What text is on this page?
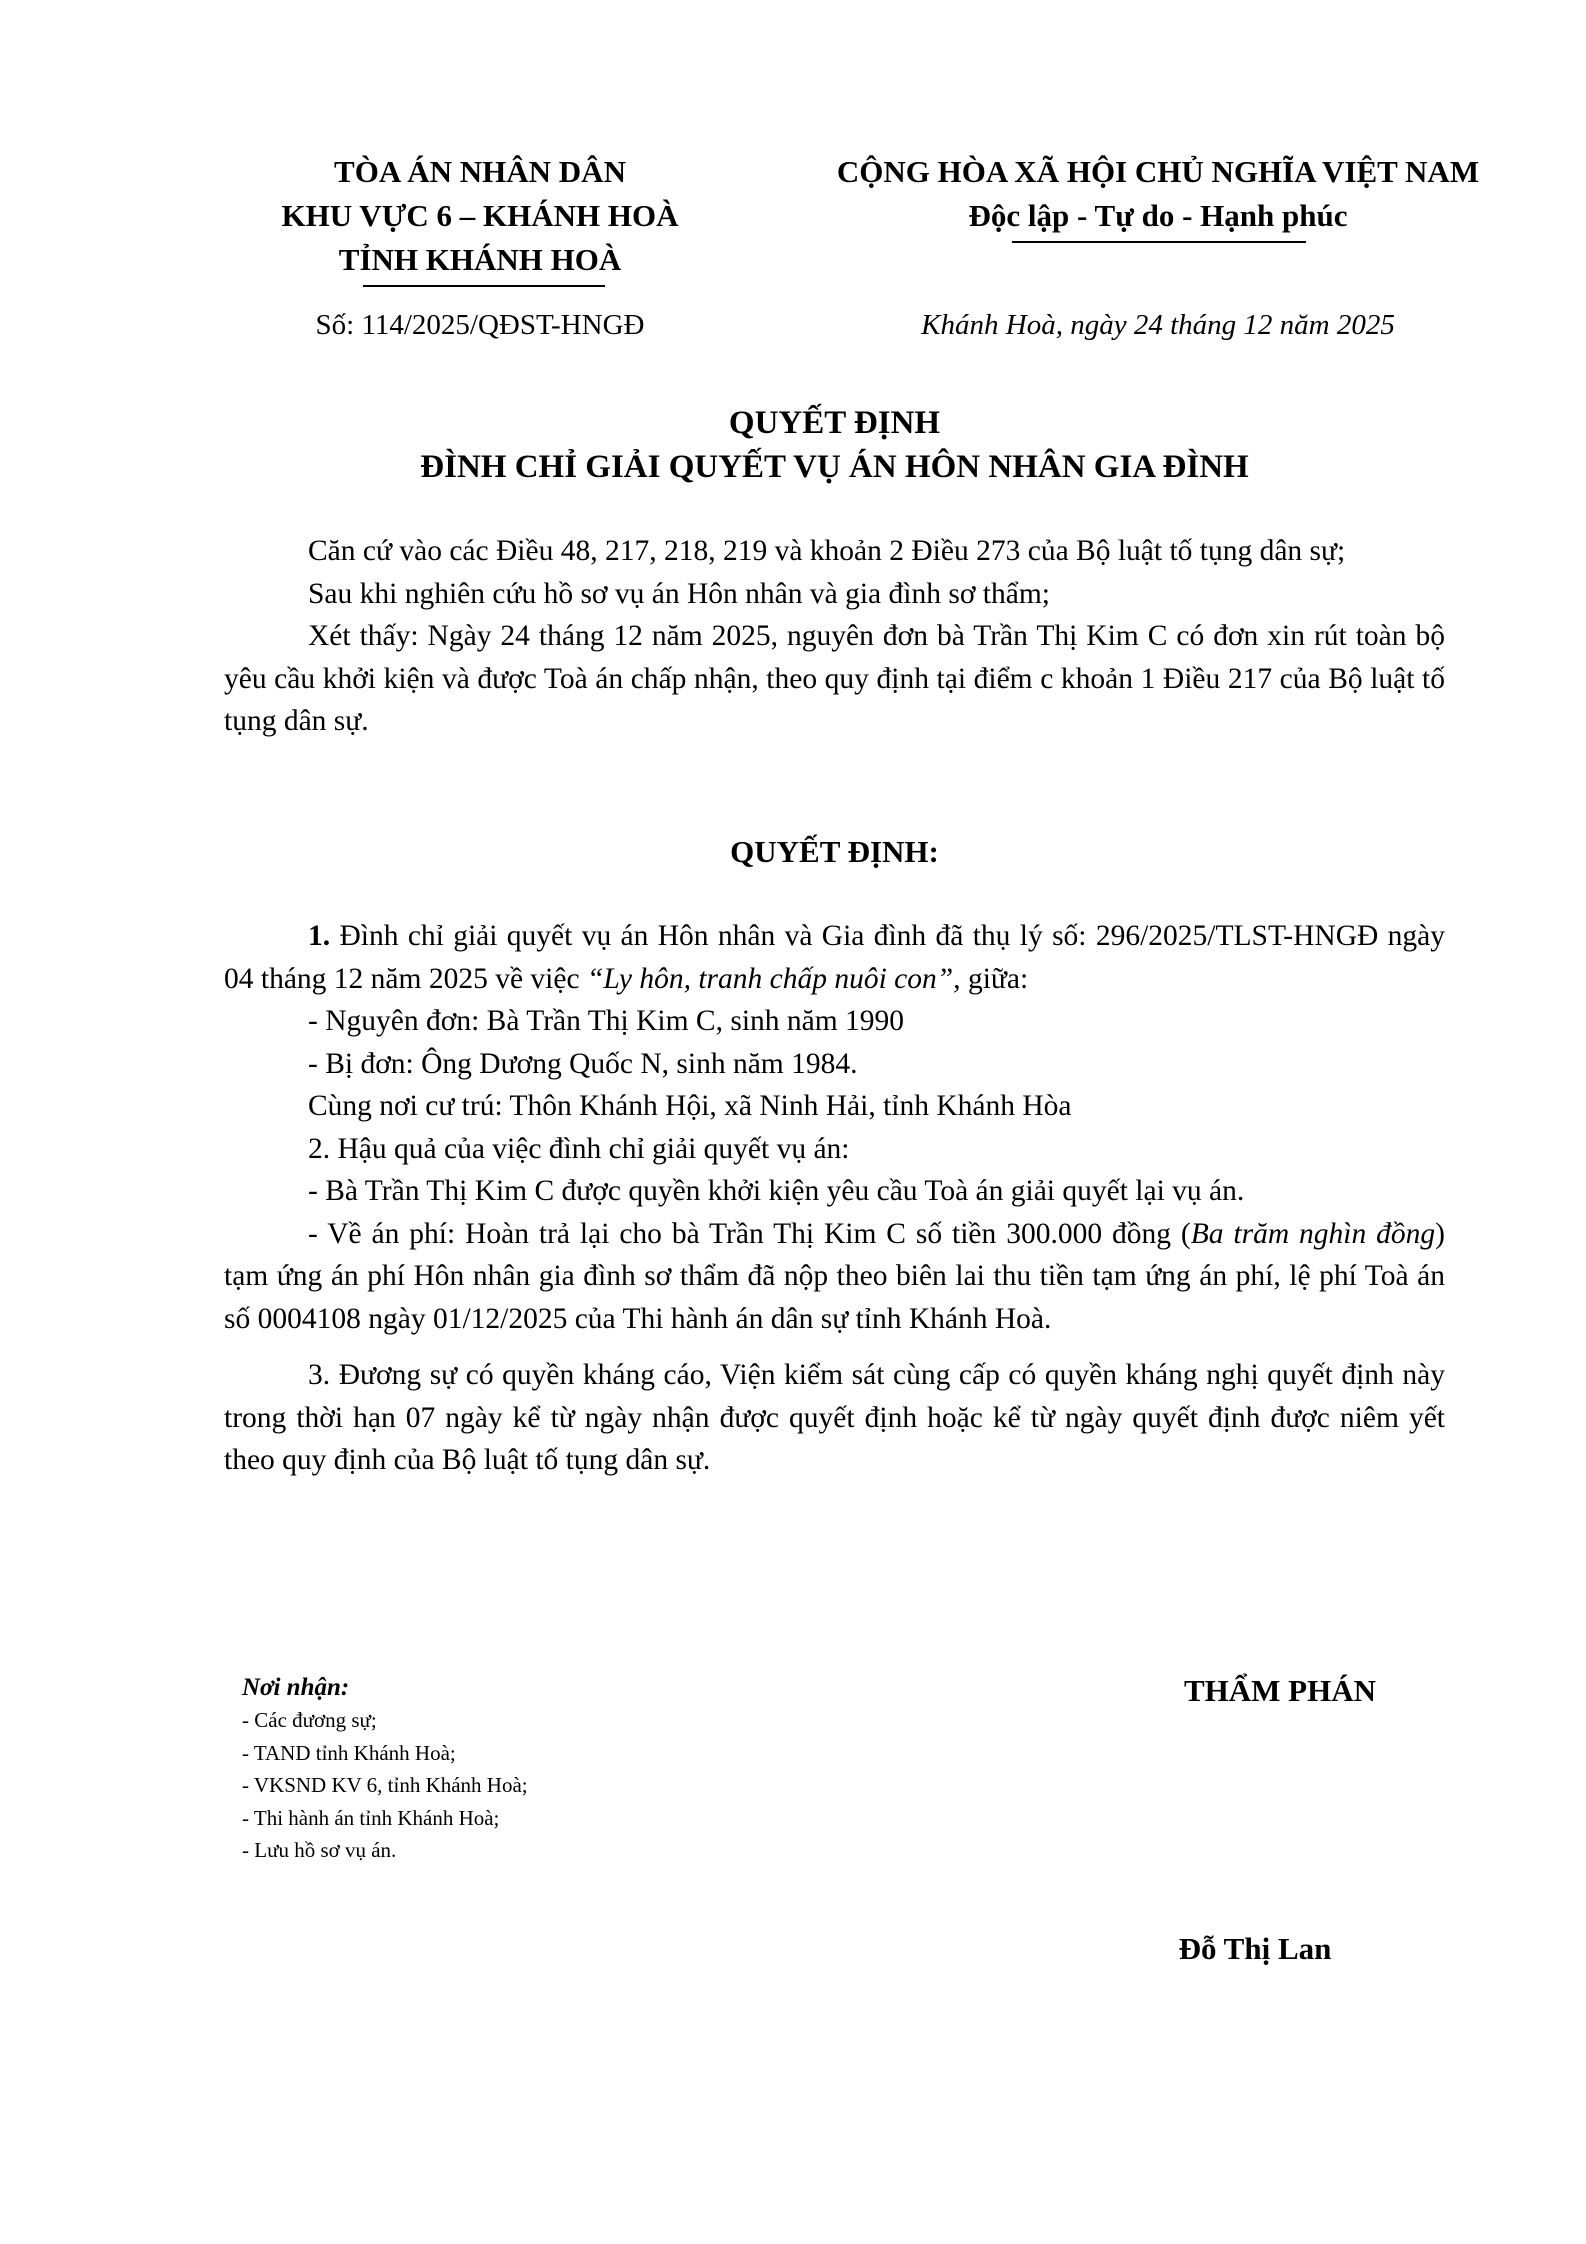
TÒA ÁN NHÂN DÂN
KHU VỰC 6 – KHÁNH HOÀ
TỈNH KHÁNH HOÀ
Số: 114/2025/QĐST-HNGĐ
CỘNG HÒA XÃ HỘI CHỦ NGHĨA VIỆT NAM
Độc lập - Tự do - Hạnh phúc
Khánh Hoà, ngày 24 tháng 12 năm 2025
QUYẾT ĐỊNH
ĐÌNH CHỈ GIẢI QUYẾT VỤ ÁN HÔN NHÂN GIA ĐÌNH

Căn cứ vào các Điều 48, 217, 218, 219 và khoản 2 Điều 273 của Bộ luật tố tụng dân sự;

Sau khi nghiên cứu hồ sơ vụ án Hôn nhân và gia đình sơ thẩm;

Xét thấy: Ngày 24 tháng 12 năm 2025, nguyên đơn bà Trần Thị Kim C có đơn xin rút toàn bộ yêu cầu khởi kiện và được Toà án chấp nhận, theo quy định tại điểm c khoản 1 Điều 217 của Bộ luật tố tụng dân sự.

QUYẾT ĐỊNH:

1. Đình chỉ giải quyết vụ án Hôn nhân và Gia đình đã thụ lý số: 296/2025/TLST-HNGĐ ngày 04 tháng 12 năm 2025 về việc “Ly hôn, tranh chấp nuôi con”, giữa:

- Nguyên đơn: Bà Trần Thị Kim C, sinh năm 1990

- Bị đơn: Ông Dương Quốc N, sinh năm 1984.

Cùng nơi cư trú: Thôn Khánh Hội, xã Ninh Hải, tỉnh Khánh Hòa

2. Hậu quả của việc đình chỉ giải quyết vụ án:

- Bà Trần Thị Kim C được quyền khởi kiện yêu cầu Toà án giải quyết lại vụ án.

- Về án phí: Hoàn trả lại cho bà Trần Thị Kim C số tiền 300.000 đồng (Ba trăm nghìn đồng) tạm ứng án phí Hôn nhân gia đình sơ thẩm đã nộp theo biên lai thu tiền tạm ứng án phí, lệ phí Toà án số 0004108 ngày 01/12/2025 của Thi hành án dân sự tỉnh Khánh Hoà.

3. Đương sự có quyền kháng cáo, Viện kiểm sát cùng cấp có quyền kháng nghị quyết định này trong thời hạn 07 ngày kể từ ngày nhận được quyết định hoặc kể từ ngày quyết định được niêm yết theo quy định của Bộ luật tố tụng dân sự.

Nơi nhận:
- Các đương sự;
- TAND tỉnh Khánh Hoà;
- VKSND KV 6, tỉnh Khánh Hoà;
- Thi hành án tỉnh Khánh Hoà;
- Lưu hồ sơ vụ án.
THẨM PHÁN
Đỗ Thị Lan
